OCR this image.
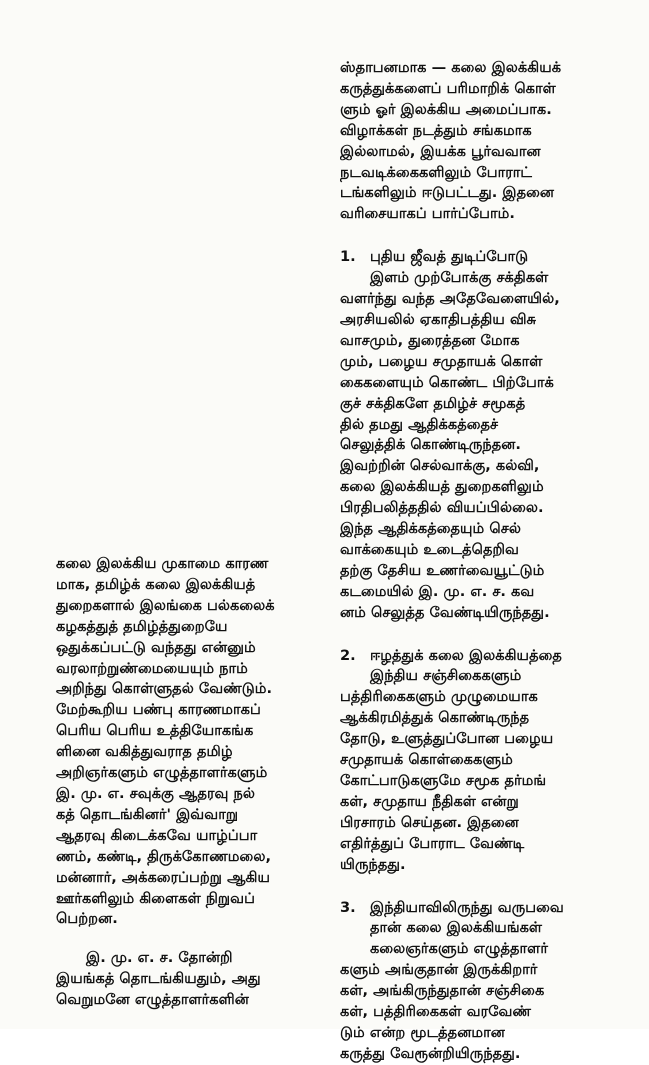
ஸ்தாபனமாக — கலை இலக்கியக்
கருத்துக்களைப் பரிமாறிக் கொள்
ளும் ஓர் இலக்கிய அமைப்பாக.
விழாக்கள் நடத்தும் சங்கமாக
இல்லாமல், இயக்க பூர்வவான
நடவடிக்கைகளிலும் போராட்
டங்களிலும் ஈடுபட்டது. இதனை
வரிசையாகப் பார்ப்போம்.
1. புதிய ஜீவத் துடிப்போடு
இளம் முற்போக்கு சக்திகள்
வளர்ந்து வந்த அதேவேளையில்,
அரசியலில் ஏகாதிபத்திய விசு
வாசமும், துரைத்தன மோக
மும், பழைய சமுதாயக் கொள்
கைகளையும் கொண்ட பிற்போக்
குச் சக்திகளே தமிழ்ச் சமூகத்
தில் தமது ஆதிக்கத்தைச்
செலுத்திக் கொண்டிருந்தன.
இவற்றின் செல்வாக்கு, கல்வி,
கலை இலக்கியத் துறைகளிலும்
பிரதிபலித்ததில் வியப்பில்லை.
இந்த ஆதிக்கத்தையும் செல்
வாக்கையும் உடைத்தெறிவ
தற்கு தேசிய உணர்வையூட்டும்
கடமையில் இ. மு. எ. ச. கவ
னம் செலுத்த வேண்டியிருந்தது.
2. ஈழத்துக் கலை இலக்கியத்தை
இந்திய சஞ்சிகைகளும்
பத்திரிகைகளும் முழுமையாக
ஆக்கிரமித்துக் கொண்டிருந்த
தோடு, உளுத்துப்போன பழைய
சமுதாயக் கொள்கைகளும்
கோட்பாடுகளுமே சமூக தர்மங்
கள், சமுதாய நீதிகள் என்று
பிரசாரம் செய்தன. இதனை
எதிர்த்துப் போராட வேண்டி
யிருந்தது.
3. இந்தியாவிலிருந்து வருபவை
தான் கலை இலக்கியங்கள்
கலைஞர்களும் எழுத்தாளர்
களும் அங்குதான் இருக்கிறார்
கள், அங்கிருந்துதான் சஞ்சிகை
கள், பத்திரிகைகள் வரவேண்
டும் என்ற மூடத்தனமான
கருத்து வேரூன்றியிருந்தது.
கலை இலக்கிய முகாமை காரண
மாக, தமிழ்க் கலை இலக்கியத்
துறைகளால் இலங்கை பல்கலைக்
கழகத்துத் தமிழ்த்துறையே
ஒதுக்கப்பட்டு வந்தது என்னும்
வரலாற்றுண்மையையும் நாம்
அறிந்து கொள்ளுதல் வேண்டும்.
மேற்கூறிய பண்பு காரணமாகப்
பெரிய பெரிய உத்தியோகங்க
ளினை வகித்துவராத தமிழ்
அறிஞர்களும் எழுத்தாளர்களும்
இ. மு. எ. சவுக்கு ஆதரவு நல்
கத் தொடங்கினர்' இவ்வாறு
ஆதரவு கிடைக்கவே யாழ்ப்பா
ணம், கண்டி, திருக்கோணமலை,
மன்னார், அக்கரைப்பற்று ஆகிய
ஊர்களிலும் கிளைகள் நிறுவப்
பெற்றன.
இ. மு. எ. ச. தோன்றி
இயங்கத் தொடங்கியதும், அது
வெறுமனே எழுத்தாளர்களின்
